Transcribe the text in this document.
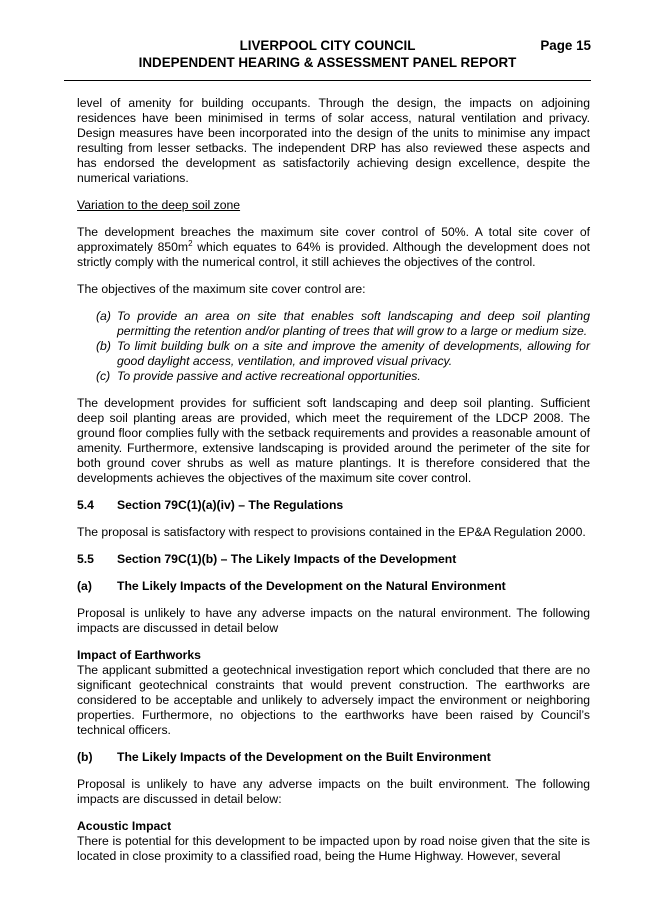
LIVERPOOL CITY COUNCIL	Page 15
INDEPENDENT HEARING & ASSESSMENT PANEL REPORT

level of amenity for building occupants. Through the design, the impacts on adjoining residences have been minimised in terms of solar access, natural ventilation and privacy. Design measures have been incorporated into the design of the units to minimise any impact resulting from lesser setbacks. The independent DRP has also reviewed these aspects and has endorsed the development as satisfactorily achieving design excellence, despite the numerical variations.

Variation to the deep soil zone

The development breaches the maximum site cover control of 50%. A total site cover of approximately $850m^2$ which equates to 64% is provided. Although the development does not strictly comply with the numerical control, it still achieves the objectives of the control.

The objectives of the maximum site cover control are:

(a) To provide an area on site that enables soft landscaping and deep soil planting permitting the retention and/or planting of trees that will grow to a large or medium size.
(b) To limit building bulk on a site and improve the amenity of developments, allowing for good daylight access, ventilation, and improved visual privacy.
(c) To provide passive and active recreational opportunities.

The development provides for sufficient soft landscaping and deep soil planting. Sufficient deep soil planting areas are provided, which meet the requirement of the LDCP 2008. The ground floor complies fully with the setback requirements and provides a reasonable amount of amenity. Furthermore, extensive landscaping is provided around the perimeter of the site for both ground cover shrubs as well as mature plantings. It is therefore considered that the developments achieves the objectives of the maximum site cover control.

5.4	Section 79C(1)(a)(iv) – The Regulations

The proposal is satisfactory with respect to provisions contained in the EP&A Regulation 2000.

5.5	Section 79C(1)(b) – The Likely Impacts of the Development
(a)	The Likely Impacts of the Development on the Natural Environment

Proposal is unlikely to have any adverse impacts on the natural environment. The following impacts are discussed in detail below

Impact of Earthworks

The applicant submitted a geotechnical investigation report which concluded that there are no significant geotechnical constraints that would prevent construction. The earthworks are considered to be acceptable and unlikely to adversely impact the environment or neighboring properties. Furthermore, no objections to the earthworks have been raised by Council’s technical officers.

(b)	The Likely Impacts of the Development on the Built Environment

Proposal is unlikely to have any adverse impacts on the built environment. The following impacts are discussed in detail below:

Acoustic Impact

There is potential for this development to be impacted upon by road noise given that the site is located in close proximity to a classified road, being the Hume Highway. However, several
